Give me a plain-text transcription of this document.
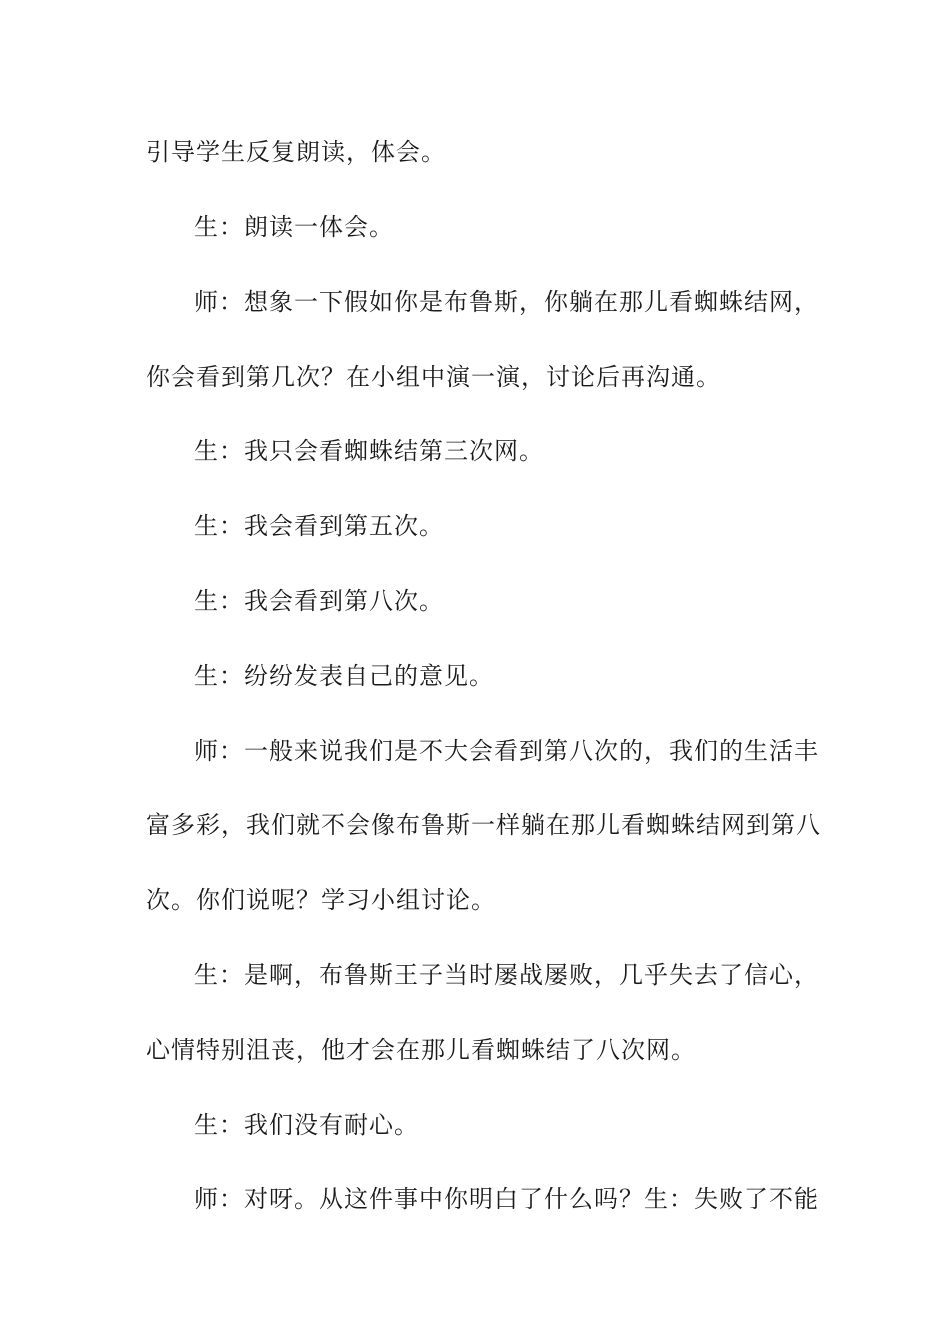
引导学生反复朗读，体会。
生：朗读一体会。
师：想象一下假如你是布鲁斯，你躺在那儿看蜘蛛结网，
你会看到第几次？在小组中演一演，讨论后再沟通。
生：我只会看蜘蛛结第三次网。
生：我会看到第五次。
生：我会看到第八次。
生：纷纷发表自己的意见。
师：一般来说我们是不大会看到第八次的，我们的生活丰
富多彩，我们就不会像布鲁斯一样躺在那儿看蜘蛛结网到第八
次。你们说呢？学习小组讨论。
生：是啊，布鲁斯王子当时屡战屡败，几乎失去了信心，
心情特别沮丧，他才会在那儿看蜘蛛结了八次网。
生：我们没有耐心。
师：对呀。从这件事中你明白了什么吗？生：失败了不能
